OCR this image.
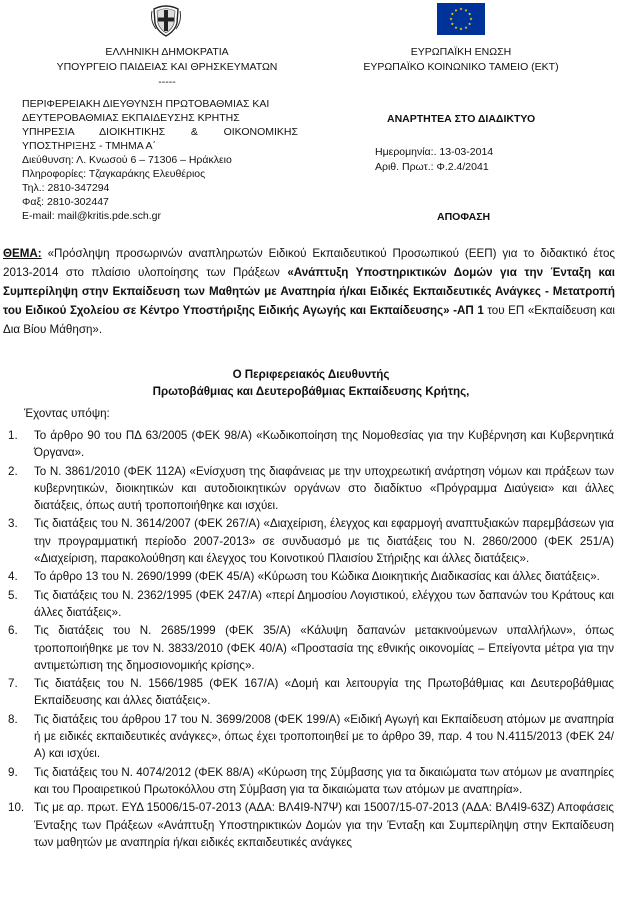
ΕΛΛΗΝΙΚΗ ΔΗΜΟΚΡΑΤΙΑ
ΥΠΟΥΡΓΕΙΟ ΠΑΙΔΕΙΑΣ ΚΑΙ ΘΡΗΣΚΕΥΜΑΤΩΝ
-----
ΕΥΡΩΠΑΪΚΗ ΕΝΩΣΗ
ΕΥΡΩΠΑΪΚΟ ΚΟΙΝΩΝΙΚΟ ΤΑΜΕΙΟ (ΕΚΤ)
ΠΕΡΙΦΕΡΕΙΑΚΗ ΔΙΕΥΘΥΝΣΗ ΠΡΩΤΟΒΑΘΜΙΑΣ ΚΑΙ
ΔΕΥΤΕΡΟΒΑΘΜΙΑΣ ΕΚΠΑΙΔΕΥΣΗΣ ΚΡΗΤΗΣ
ΥΠΗΡΕΣΙΑ ΔΙΟΙΚΗΤΙΚΗΣ & ΟΙΚΟΝΟΜΙΚΗΣ
ΥΠΟΣΤΗΡΙΞΗΣ - ΤΜΗΜΑ Α΄
Διεύθυνση: Λ. Κνωσού 6 – 71306 – Ηράκλειο
Πληροφορίες: Τζαγκαράκης Ελευθέριος
Τηλ.: 2810-347294
Φαξ: 2810-302447
E-mail: mail@kritis.pde.sch.gr
ΑΝΑΡΤΗΤΕΑ ΣΤΟ ΔΙΑΔΙΚΤΥΟ
Ημερομηνία:. 13-03-2014
Αριθ. Πρωτ.: Φ.2.4/2041
ΑΠΟΦΑΣΗ
ΘΕΜΑ: «Πρόσληψη προσωρινών αναπληρωτών Ειδικού Εκπαιδευτικού Προσωπικού (ΕΕΠ) για το διδακτικό έτος 2013-2014 στο πλαίσιο υλοποίησης των Πράξεων «Ανάπτυξη Υποστηρικτικών Δομών για την Ένταξη και Συμπερίληψη στην Εκπαίδευση των Μαθητών με Αναπηρία ή/και Ειδικές Εκπαιδευτικές Ανάγκες - Μετατροπή του Ειδικού Σχολείου σε Κέντρο Υποστήριξης Ειδικής Αγωγής και Εκπαίδευσης» -ΑΠ 1 του ΕΠ «Εκπαίδευση και Δια Βίου Μάθηση».
Ο Περιφερειακός Διευθυντής
Πρωτοβάθμιας και Δευτεροβάθμιας Εκπαίδευσης Κρήτης,
Έχοντας υπόψη:
1. Το άρθρο 90 του ΠΔ 63/2005 (ΦΕΚ 98/Α) «Κωδικοποίηση της Νομοθεσίας για την Κυβέρνηση και Κυβερνητικά Όργανα».
2. Το Ν. 3861/2010 (ΦΕΚ 112Α) «Ενίσχυση της διαφάνειας με την υποχρεωτική ανάρτηση νόμων και πράξεων των κυβερνητικών, διοικητικών και αυτοδιοικητικών οργάνων στο διαδίκτυο «Πρόγραμμα Διαύγεια» και άλλες διατάξεις, όπως αυτή τροποποιήθηκε και ισχύει.
3. Τις διατάξεις του Ν. 3614/2007 (ΦΕΚ 267/Α) «Διαχείριση, έλεγχος και εφαρμογή αναπτυξιακών παρεμβάσεων για την προγραμματική περίοδο 2007-2013» σε συνδυασμό με τις διατάξεις του Ν. 2860/2000 (ΦΕΚ 251/Α) «Διαχείριση, παρακολούθηση και έλεγχος του Κοινοτικού Πλαισίου Στήριξης και άλλες διατάξεις».
4. Το άρθρο 13 του Ν. 2690/1999 (ΦΕΚ 45/Α) «Κύρωση του Κώδικα Διοικητικής Διαδικασίας και άλλες διατάξεις».
5. Τις διατάξεις του Ν. 2362/1995 (ΦΕΚ 247/Α) «περί Δημοσίου Λογιστικού, ελέγχου των δαπανών του Κράτους και άλλες διατάξεις».
6. Τις διατάξεις του Ν. 2685/1999 (ΦΕΚ 35/Α) «Κάλυψη δαπανών μετακινούμενων υπαλλήλων», όπως τροποποιήθηκε με τον Ν. 3833/2010 (ΦΕΚ 40/Α) «Προστασία της εθνικής οικονομίας – Επείγοντα μέτρα για την αντιμετώπιση της δημοσιονομικής κρίσης».
7. Τις διατάξεις του Ν. 1566/1985 (ΦΕΚ 167/Α) «Δομή και λειτουργία της Πρωτοβάθμιας και Δευτεροβάθμιας Εκπαίδευσης και άλλες διατάξεις».
8. Τις διατάξεις του άρθρου 17 του Ν. 3699/2008 (ΦΕΚ 199/Α) «Ειδική Αγωγή και Εκπαίδευση ατόμων με αναπηρία ή με ειδικές εκπαιδευτικές ανάγκες», όπως έχει τροποποιηθεί με το άρθρο 39, παρ. 4 του Ν.4115/2013 (ΦΕΚ 24/Α) και ισχύει.
9. Τις διατάξεις του Ν. 4074/2012 (ΦΕΚ 88/Α) «Κύρωση της Σύμβασης για τα δικαιώματα των ατόμων με αναπηρίες και του Προαιρετικού Πρωτοκόλλου στη Σύμβαση για τα δικαιώματα των ατόμων με αναπηρία».
10. Τις με αρ. πρωτ. ΕΥΔ 15006/15-07-2013 (ΑΔΑ: ΒΛ4Ι9-Ν7Ψ) και 15007/15-07-2013 (ΑΔΑ: ΒΛ4Ι9-63Ζ) Αποφάσεις Ένταξης των Πράξεων «Ανάπτυξη Υποστηρικτικών Δομών για την Ένταξη και Συμπερίληψη στην Εκπαίδευση των μαθητών με αναπηρία ή/και ειδικές εκπαιδευτικές ανάγκες
